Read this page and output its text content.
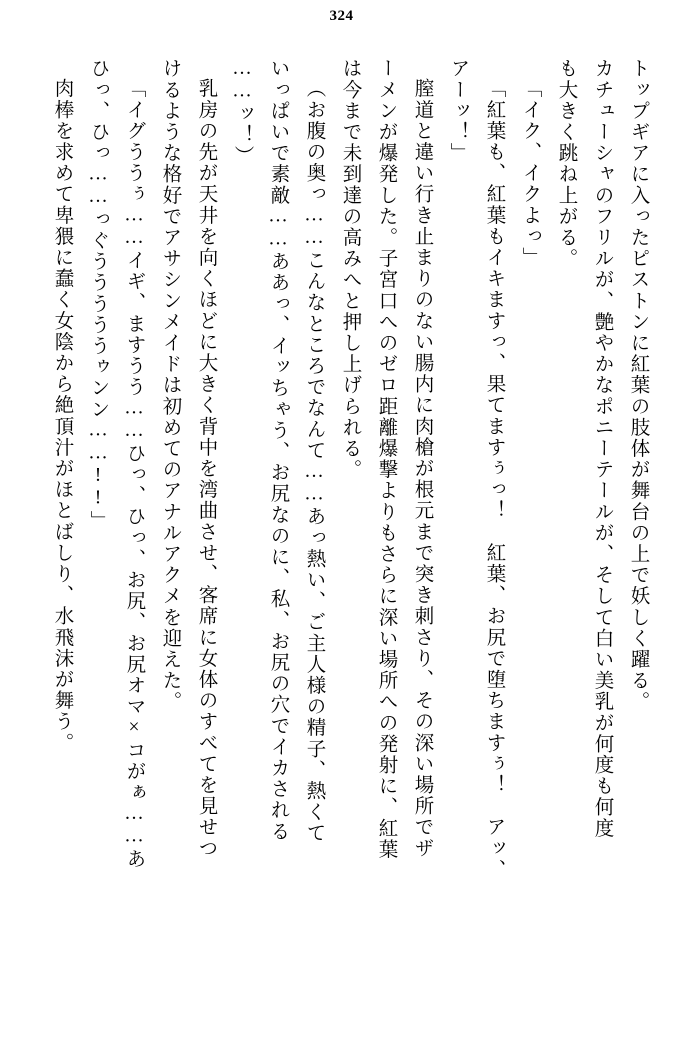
324
トップギアに入ったピストンに紅葉の肢体が舞台の上で妖しく躍る。
カチューシャのフリルが、艶やかなポニーテールが、そして白い美乳が何度も何度
も大きく跳ね上がる。
「イク、イクよっ」
「紅葉も、紅葉もイキますっ、果てますぅっ！　紅葉、お尻で堕ちますぅ！　アッ、
アーッ！」
膣道と違い行き止まりのない腸内に肉槍が根元まで突き刺さり、その深い場所でザ
ーメンが爆発した。子宮口へのゼロ距離爆撃よりもさらに深い場所への発射に、紅葉
は今まで未到達の高みへと押し上げられる。
（お腹の奥っ……こんなところでなんて……あっ熱い、ご主人様の精子、熱くて
いっぱいで素敵……ああっ、イッちゃう、お尻なのに、私、お尻の穴でイカされる
……ッ！）
乳房の先が天井を向くほどに大きく背中を湾曲させ、客席に女体のすべてを見せつ
けるような格好でアサシンメイドは初めてのアナルアクメを迎えた。
「イグううぅ……イギ、ますうう……ひっ、ひっ、お尻、お尻オマ×コがぁ……あ
ひっ、ひっ……っぐうううううゥンン……!!」
肉棒を求めて卑猥に蠢く女陰から絶頂汁がほとばしり、水飛沫が舞う。
